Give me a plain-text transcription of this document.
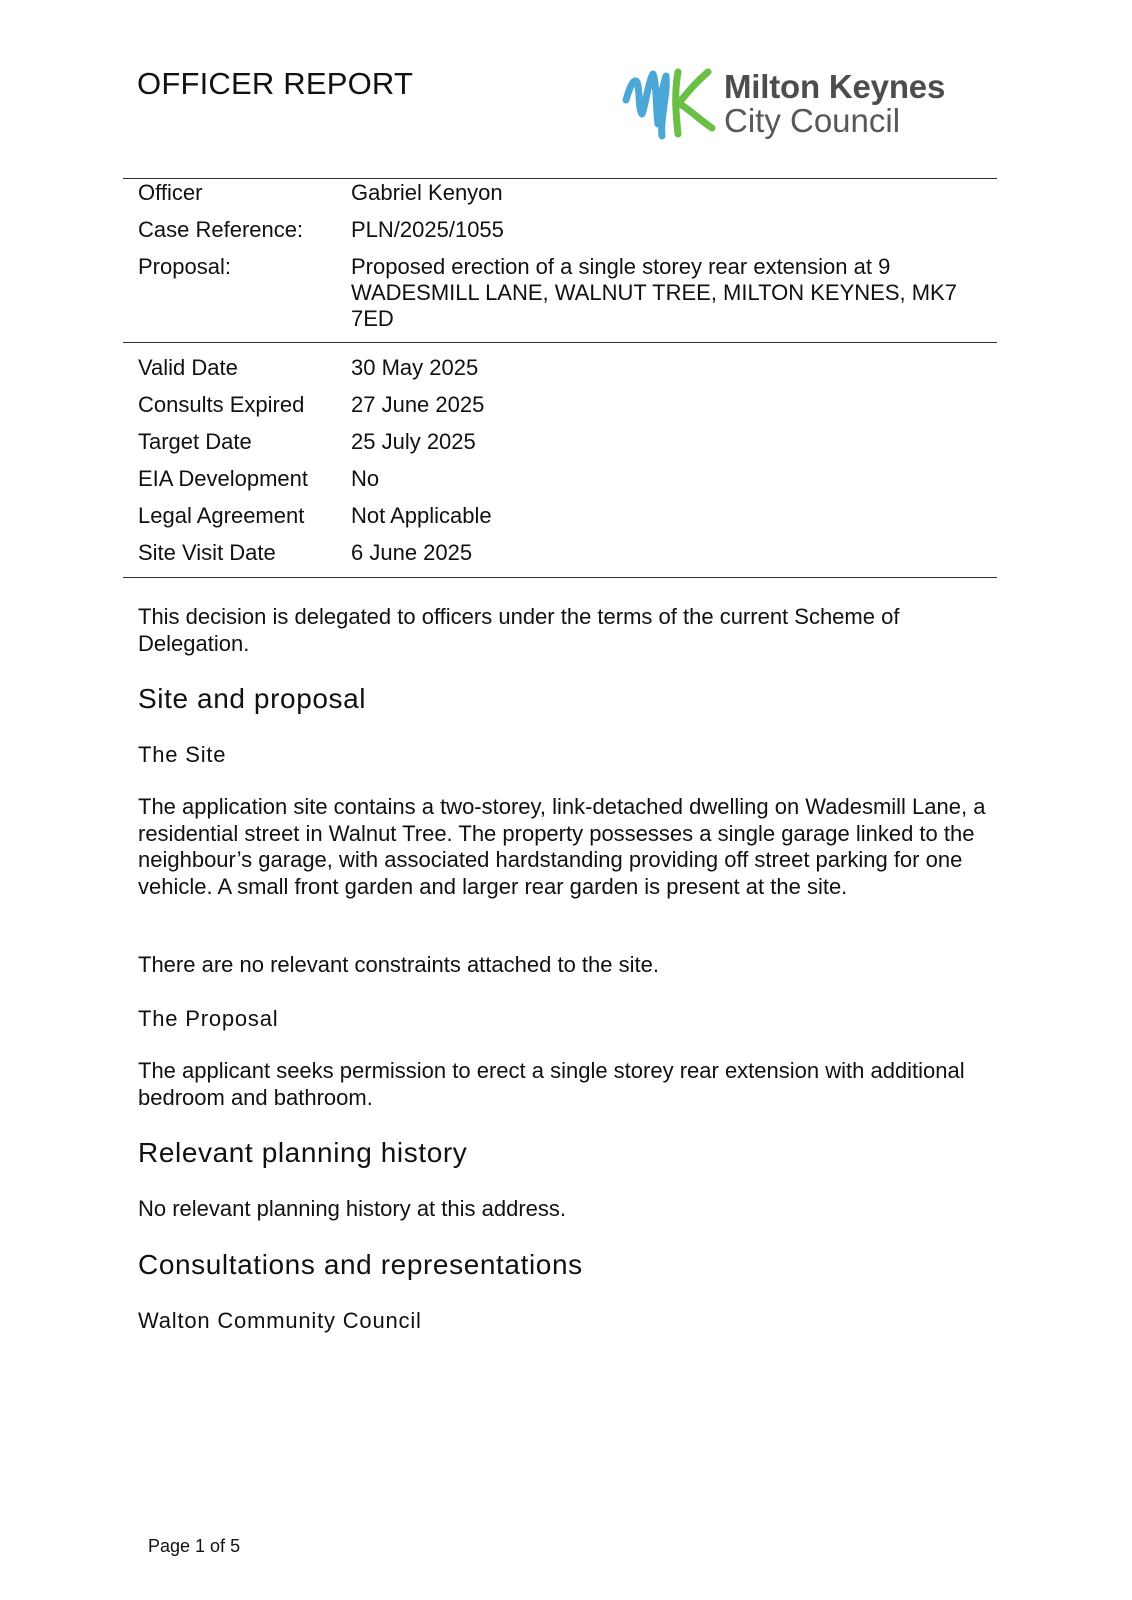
OFFICER REPORT	Milton Keynes
City Council
Officer	Gabriel Kenyon
Case Reference:	PLN/2025/1055
Proposal:	Proposed erection of a single storey rear extension at 9 WADESMILL LANE, WALNUT TREE, MILTON KEYNES, MK7 7ED
Valid Date	30 May 2025
Consults Expired	27 June 2025
Target Date	25 July 2025
EIA Development	No
Legal Agreement	Not Applicable
Site Visit Date	6 June 2025
This decision is delegated to officers under the terms of the current Scheme of Delegation.
Site and proposal
The Site
The application site contains a two-storey, link-detached dwelling on Wadesmill Lane, a residential street in Walnut Tree. The property possesses a single garage linked to the neighbour’s garage, with associated hardstanding providing off street parking for one vehicle. A small front garden and larger rear garden is present at the site.
There are no relevant constraints attached to the site.
The Proposal
The applicant seeks permission to erect a single storey rear extension with additional bedroom and bathroom.
Relevant planning history
No relevant planning history at this address.
Consultations and representations
Walton Community Council
Page 1 of 5
